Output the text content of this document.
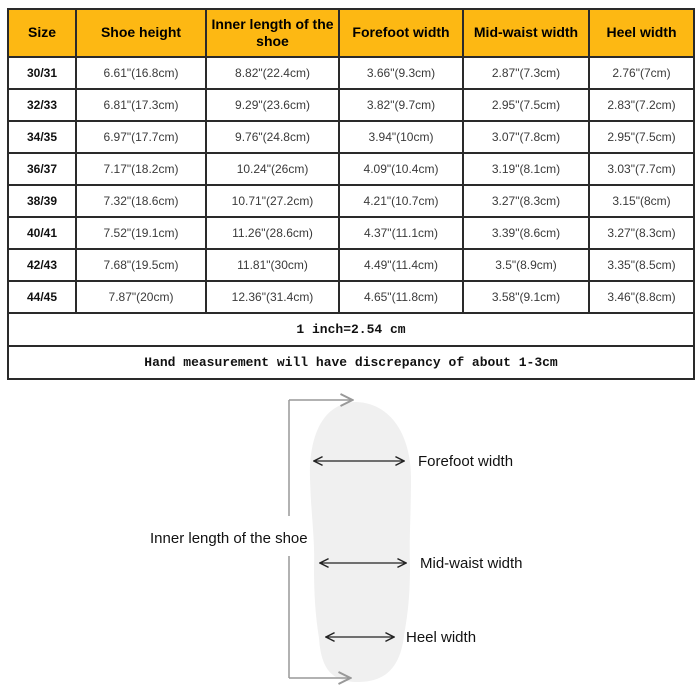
Size	Shoe height	Inner length of the shoe	Forefoot width	Mid-waist width	Heel width
30/31	6.61"(16.8cm)	8.82"(22.4cm)	3.66"(9.3cm)	2.87"(7.3cm)	2.76"(7cm)
32/33	6.81"(17.3cm)	9.29"(23.6cm)	3.82"(9.7cm)	2.95"(7.5cm)	2.83"(7.2cm)
34/35	6.97"(17.7cm)	9.76"(24.8cm)	3.94"(10cm)	3.07"(7.8cm)	2.95"(7.5cm)
36/37	7.17"(18.2cm)	10.24"(26cm)	4.09"(10.4cm)	3.19"(8.1cm)	3.03"(7.7cm)
38/39	7.32"(18.6cm)	10.71"(27.2cm)	4.21"(10.7cm)	3.27"(8.3cm)	3.15"(8cm)
40/41	7.52"(19.1cm)	11.26"(28.6cm)	4.37"(11.1cm)	3.39"(8.6cm)	3.27"(8.3cm)
42/43	7.68"(19.5cm)	11.81"(30cm)	4.49"(11.4cm)	3.5"(8.9cm)	3.35"(8.5cm)
44/45	7.87"(20cm)	12.36"(31.4cm)	4.65"(11.8cm)	3.58"(9.1cm)	3.46"(8.8cm)
1 inch=2.54 cm					
Hand measurement will have discrepancy of about 1-3cm					
Inner length of the shoe
Forefoot width
Mid-waist width
Heel width
